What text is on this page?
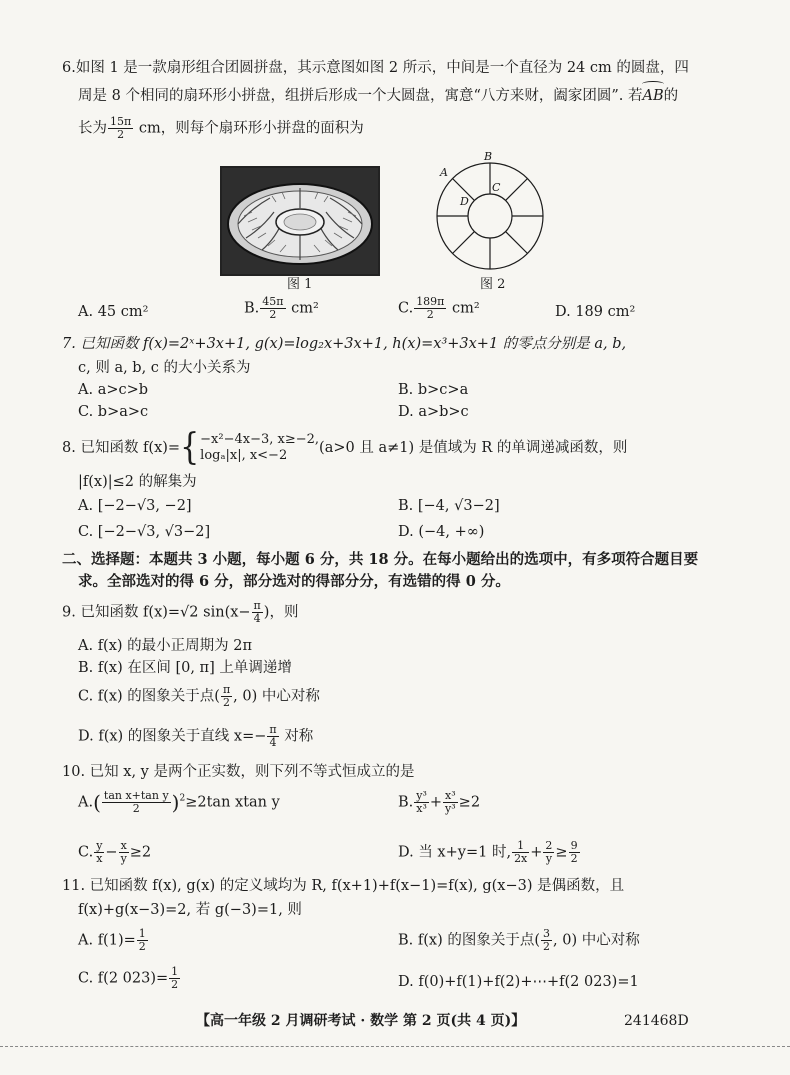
6.如图 1 是一款扇形组合团圆拼盘，其示意图如图 2 所示，中间是一个直径为 24 cm 的圆盘，四
周是 8 个相同的扇环形小拼盘，组拼后形成一个大圆盘，寓意“八方来财，阖家团圆”. 若AB的
长为 $\frac{15\pi}{2}$ cm，则每个扇环形小拼盘的面积为
图 1
B
A
C
D
图 2
A. 45 cm²	B. $\frac{45\pi}{2} cm^2$	C. $\frac{189\pi}{2} cm^2$	D. 189 cm²
7. 已知函数 f(x)=2ˣ+3x+1, g(x)=log₂x+3x+1, h(x)=x³+3x+1 的零点分别是 a, b,
c, 则 a, b, c 的大小关系为
A. a>c>b	B. b>c>a
C. b>a>c	D. a>b>c
8. 已知函数 f(x)={ −x²−4x−3, x≥−2,
logₐ|x|, x<−2	(a>0 且 a≠1) 是值域为 R 的单调递减函数，则
|f(x)|≤2 的解集为
A. [−2−√3, −2]	B. [−4, √3−2]
C. [−2−√3, √3−2]	D. (−4, +∞)
二、选择题：本题共 3 小题，每小题 6 分，共 18 分。在每小题给出的选项中，有多项符合题目要
求。全部选对的得 6 分，部分选对的得部分分，有选错的得 0 分。
9. 已知函数 f(x)=√2 $\sin(x- \frac{\pi}{4}$ )，则
A. f(x) 的最小正周期为 2π
B. f(x) 在区间 [0, π] 上单调递增
C. f(x) 的图象关于点( $\frac{\pi}{2}$ , 0) 中心对称
D. f(x) 的图象关于直线 $x=- \frac{\pi}{4}$ 对称
10. 已知 x, y 是两个正实数，则下列不等式恒成立的是
$A.( \frac{\text{tan x+tan y}}{2} )^2\ge 2\tan$ xtan y	B. $\frac{\text{y³}}{\text{x³}} + \frac{\text{x³}}{\text{y³}} \ge 2$
C. $\frac{y}{x} - \frac{x}{y} \ge 2$	D. 当 x+y=1 时, $\frac{1}{2x} + \frac{2}{y} \ge \frac{9}{2}$
11. 已知函数 f(x), g(x) 的定义域均为 R, f(x+1)+f(x−1)=f(x), g(x−3) 是偶函数，且
f(x)+g(x−3)=2, 若 g(−3)=1, 则
A. $f(1)= \frac{1}{2}$	B. f(x) 的图象关于点( $\frac{3}{2}$ , 0) 中心对称
C. f(2 $023)= \frac{1}{2}$	D. f(0)+f(1)+f(2)+⋯+f(2 023)=1
【高一年级 2 月调研考试 · 数学 第 2 页(共 4 页)】	241468D
